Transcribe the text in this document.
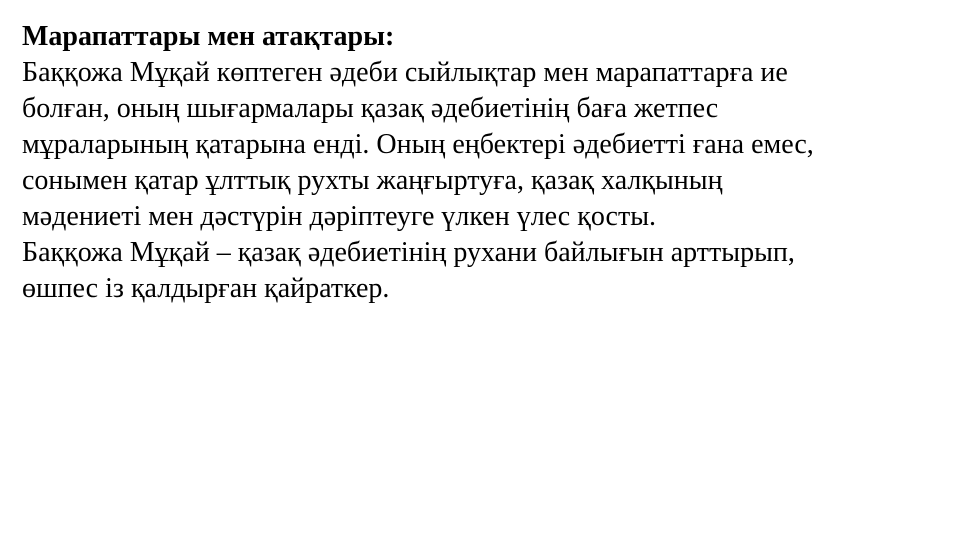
Марапаттары мен атақтары:
Баққожа Мұқай көптеген әдеби сыйлықтар мен марапаттарға ие
болған, оның шығармалары қазақ әдебиетінің баға жетпес
мұраларының қатарына енді. Оның еңбектері әдебиетті ғана емес,
сонымен қатар ұлттық рухты жаңғыртуға, қазақ халқының
мәдениеті мен дәстүрін дәріптеуге үлкен үлес қосты.
Баққожа Мұқай – қазақ әдебиетінің рухани байлығын арттырып,
өшпес із қалдырған қайраткер.
